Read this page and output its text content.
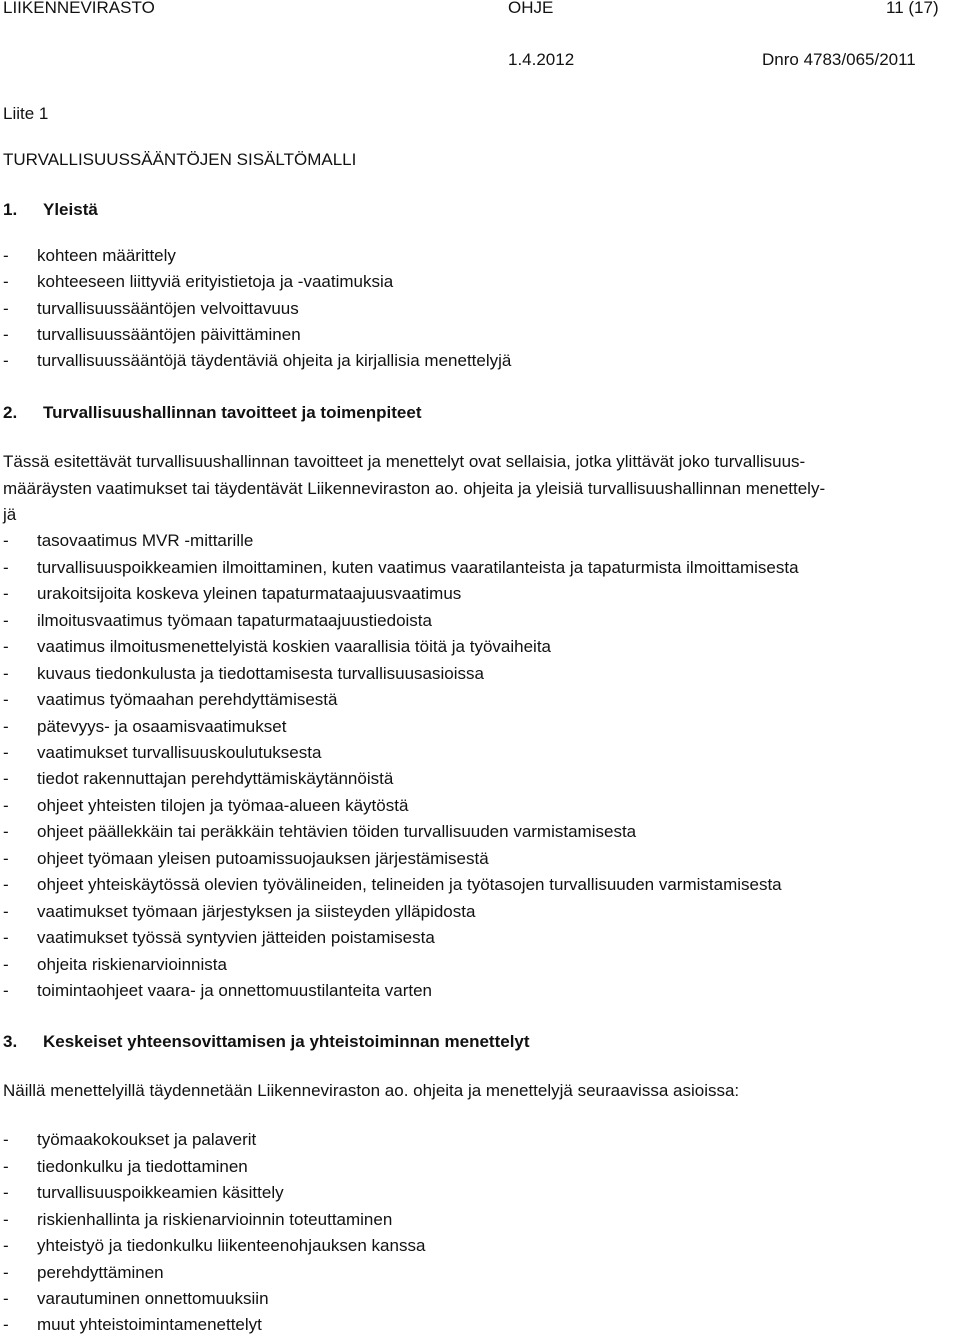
LIIKENNEVIRASTO	OHJE	11 (17)
1.4.2012	Dnro 4783/065/2011
Liite 1
TURVALLISUUSSÄÄNTÖJEN SISÄLTÖMALLI
1. Yleistä
- kohteen määrittely
- kohteeseen liittyviä erityistietoja ja -vaatimuksia
- turvallisuussääntöjen velvoittavuus
- turvallisuussääntöjen päivittäminen
- turvallisuussääntöjä täydentäviä ohjeita ja kirjallisia menettelyjä
2. Turvallisuushallinnan tavoitteet ja toimenpiteet
Tässä esitettävät turvallisuushallinnan tavoitteet ja menettelyt ovat sellaisia, jotka ylittävät joko turvallisuus-
määräysten vaatimukset tai täydentävät Liikenneviraston ao. ohjeita ja yleisiä turvallisuushallinnan menettely-
jä
- tasovaatimus MVR -mittarille
- turvallisuuspoikkeamien ilmoittaminen, kuten vaatimus vaaratilanteista ja tapaturmista ilmoittamisesta
- urakoitsijoita koskeva yleinen tapaturmataajuusvaatimus
- ilmoitusvaatimus työmaan tapaturmataajuustiedoista
- vaatimus ilmoitusmenettelyistä koskien vaarallisia töitä ja työvaiheita
- kuvaus tiedonkulusta ja tiedottamisesta turvallisuusasioissa
- vaatimus työmaahan perehdyttämisestä
- pätevyys- ja osaamisvaatimukset
- vaatimukset turvallisuuskoulutuksesta
- tiedot rakennuttajan perehdyttämiskäytännöistä
- ohjeet yhteisten tilojen ja työmaa-alueen käytöstä
- ohjeet päällekkäin tai peräkkäin tehtävien töiden turvallisuuden varmistamisesta
- ohjeet työmaan yleisen putoamissuojauksen järjestämisestä
- ohjeet yhteiskäytössä olevien työvälineiden, telineiden ja työtasojen turvallisuuden varmistamisesta
- vaatimukset työmaan järjestyksen ja siisteyden ylläpidosta
- vaatimukset työssä syntyvien jätteiden poistamisesta
- ohjeita riskienarvioinnista
- toimintaohjeet vaara- ja onnettomuustilanteita varten
3. Keskeiset yhteensovittamisen ja yhteistoiminnan menettelyt
Näillä menettelyillä täydennetään Liikenneviraston ao. ohjeita ja menettelyjä seuraavissa asioissa:
- työmaakokoukset ja palaverit
- tiedonkulku ja tiedottaminen
- turvallisuuspoikkeamien käsittely
- riskienhallinta ja riskienarvioinnin toteuttaminen
- yhteistyö ja tiedonkulku liikenteenohjauksen kanssa
- perehdyttäminen
- varautuminen onnettomuuksiin
- muut yhteistoimintamenettelyt
